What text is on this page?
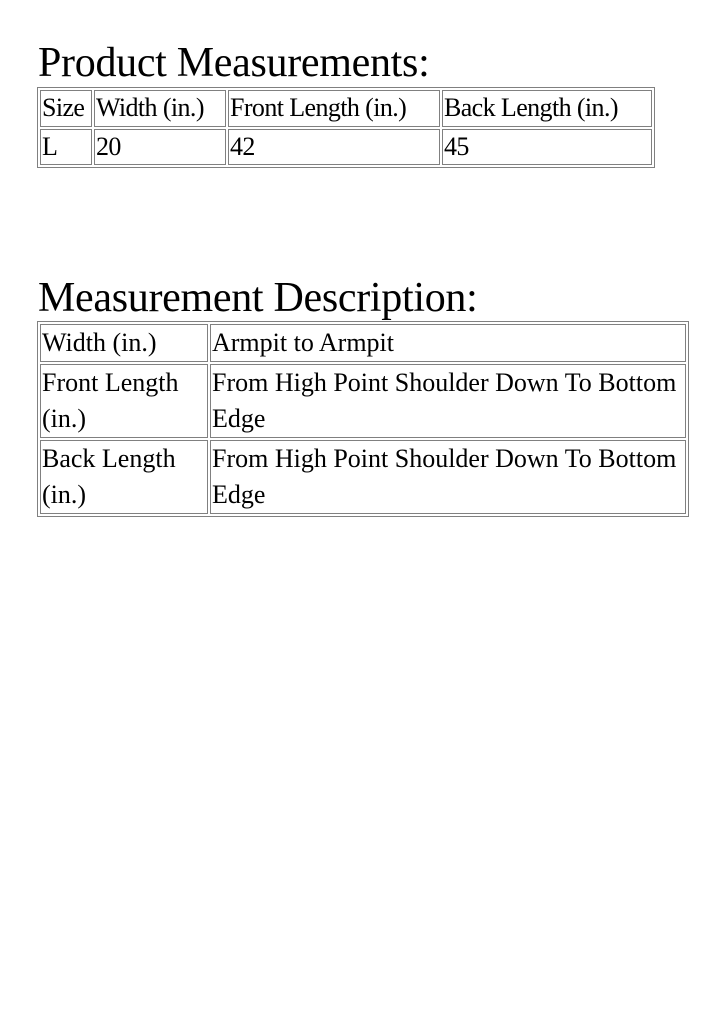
Product Measurements:
Size	Width (in.)	Front Length (in.)	Back Length (in.)
L	20	42	45
Measurement Description:
Width (in.)	Armpit to Armpit
Front Length (in.)	From High Point Shoulder Down To Bottom Edge
Back Length (in.)	From High Point Shoulder Down To Bottom Edge
